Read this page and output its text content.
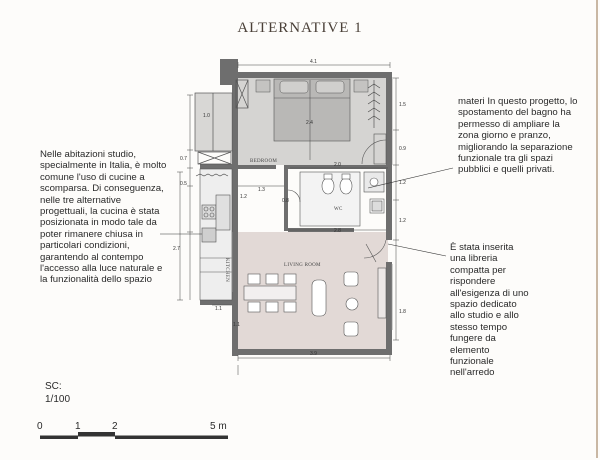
ALTERNATIVE 1
4.1
2.4
2.0
1.3
0.8
2.8
3.9
1.5
0.9
1.2
1.2
1.8
1.0
0.7
0.5
1.2
2.7
1.1
1.1
BEDROOM
WC
LIVING ROOM
KITCHEN
Nelle abitazioni studio, specialmente in Italia, è molto comune l'uso di cucine a scomparsa. Di conseguenza, nelle tre alternative progettuali, la cucina è stata posizionata in modo tale da poter rimanere chiusa in particolari condizioni, garantendo al contempo l'accesso alla luce naturale e la funzionalità dello spazio
materi In questo progetto, lo spostamento del bagno ha permesso di ampliare la zona giorno e pranzo, migliorando la separazione funzionale tra gli spazi pubblici e quelli privati.
È stata inserita una libreria compatta per rispondere all'esigenza di uno spazio dedicato allo studio e allo stesso tempo fungere da elemento funzionale nell'arredo
SC:
1/100
0	1	2	5 m
